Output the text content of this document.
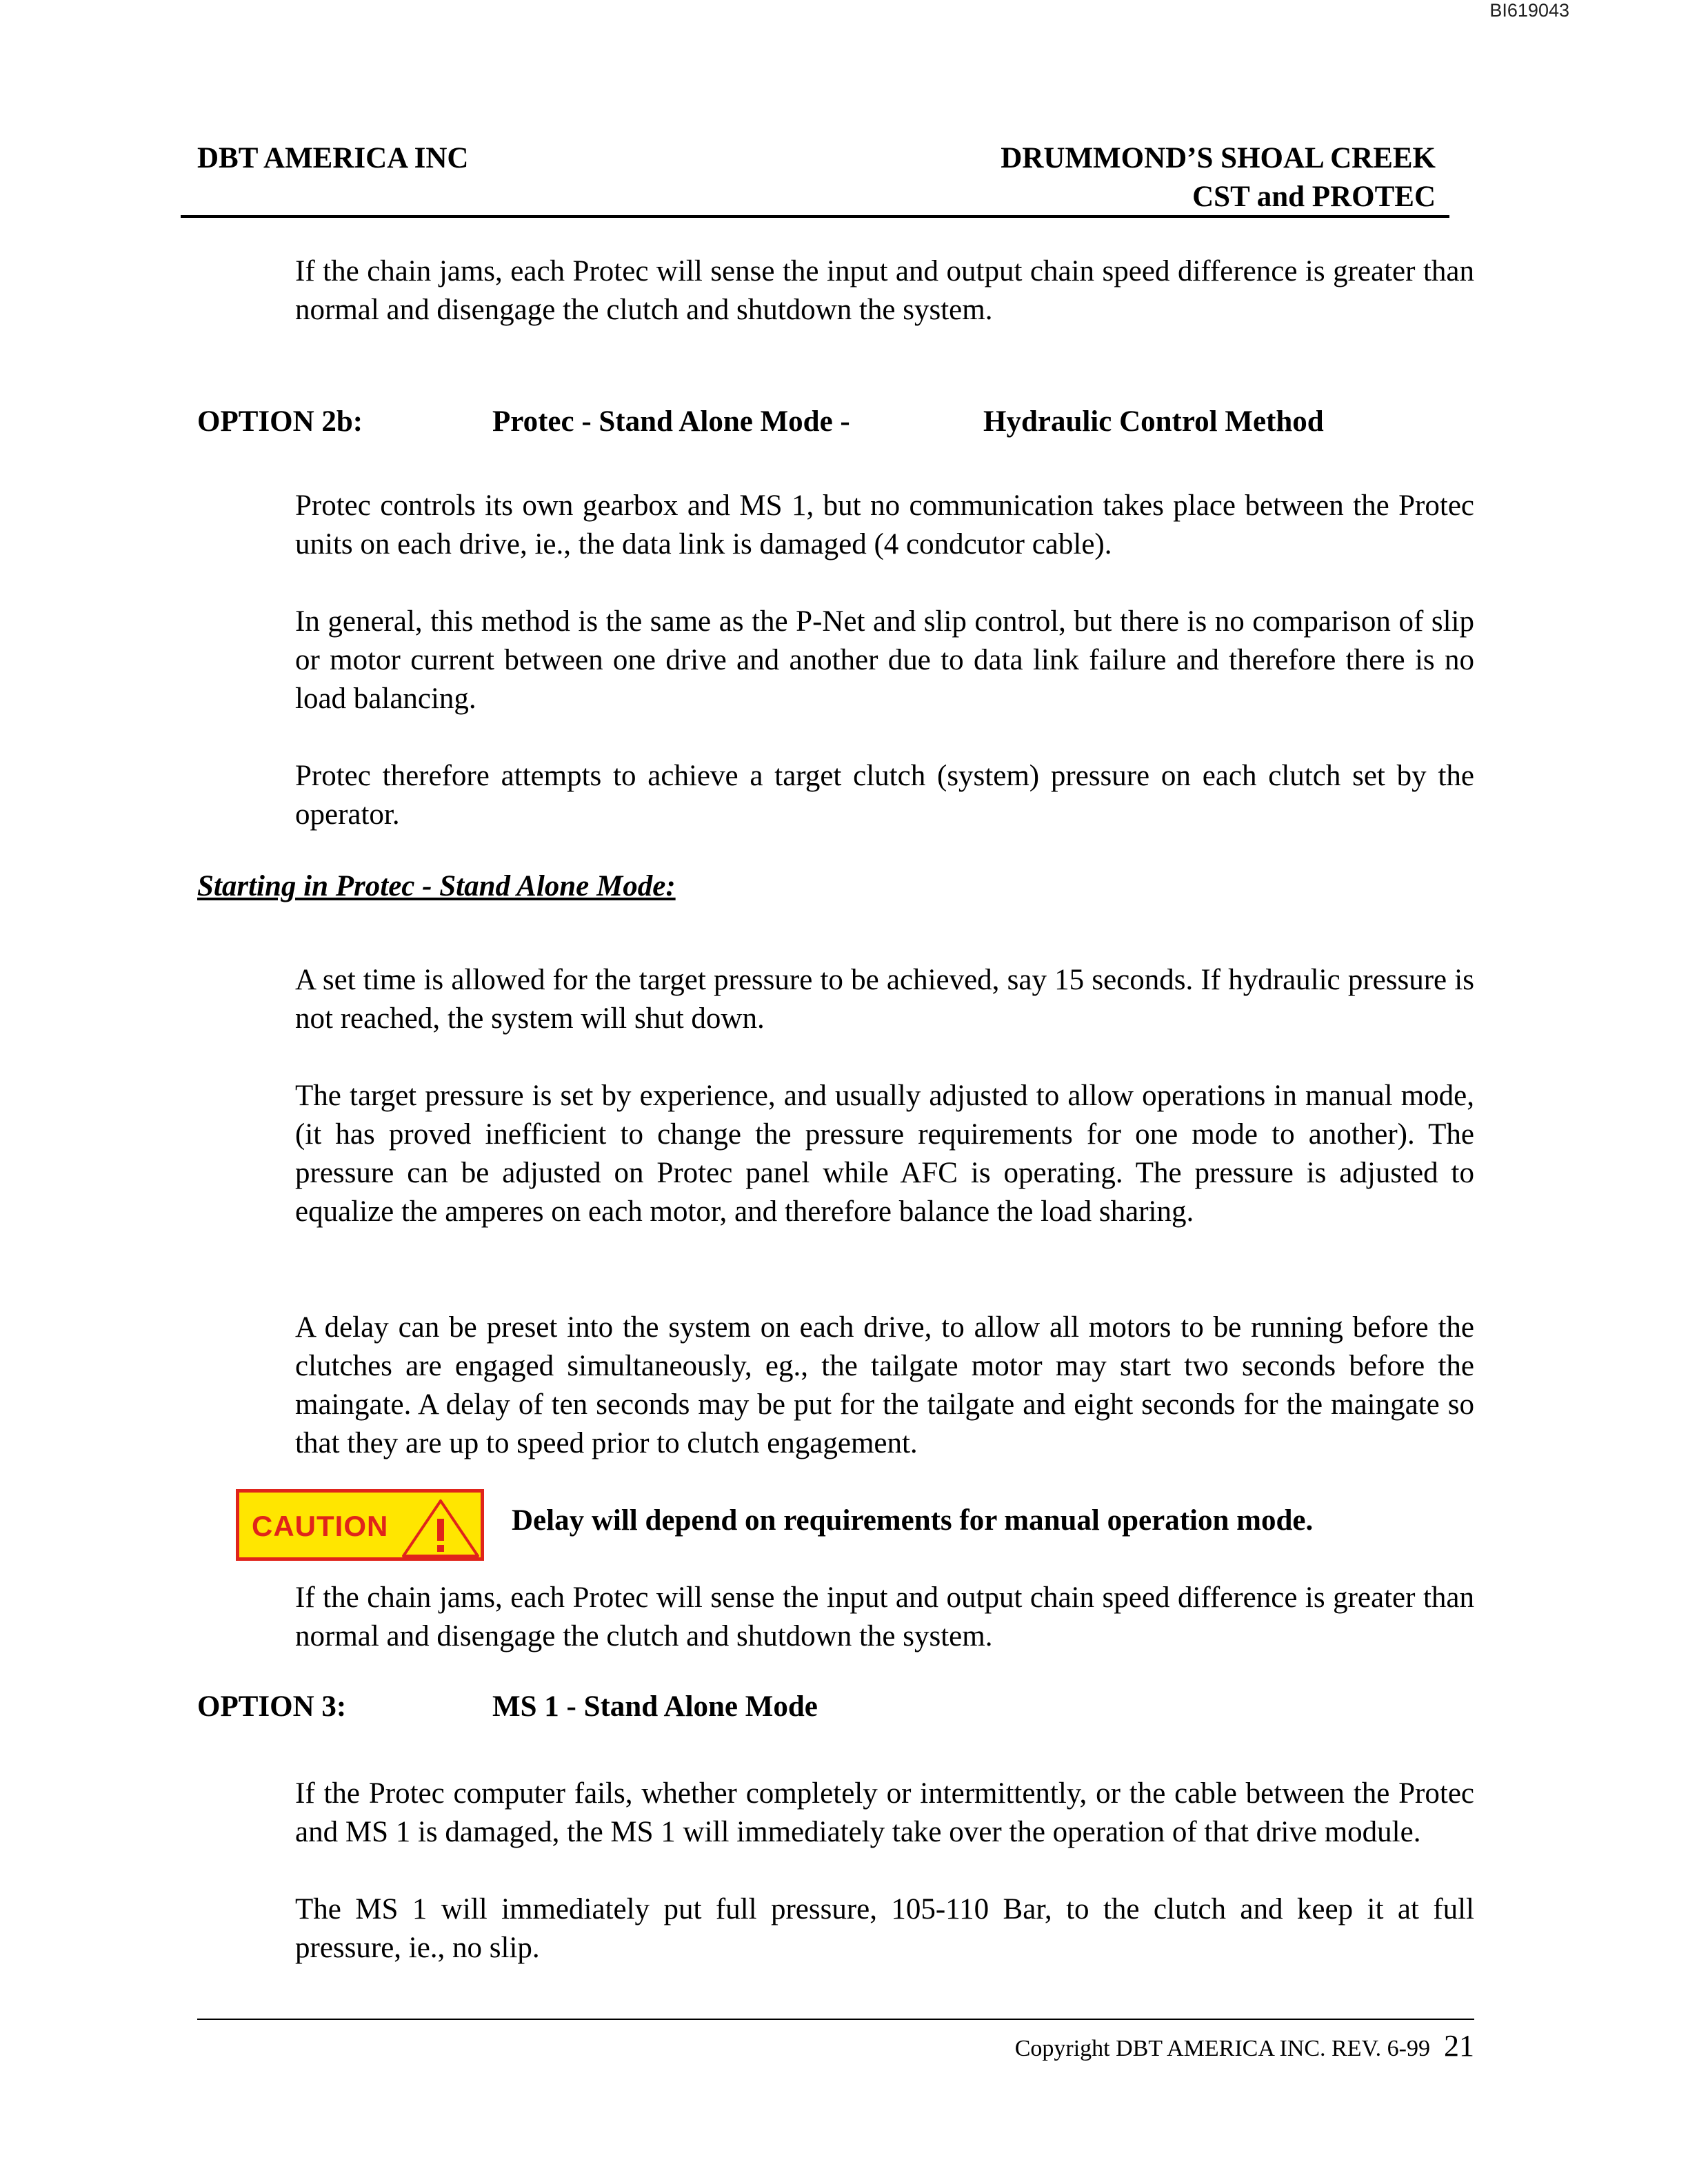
BI619043
DBT AMERICA INC	DRUMMOND’S SHOAL CREEK
CST and PROTEC

If the chain jams, each Protec will sense the input and output chain speed difference is greater than normal and disengage the clutch and shutdown the system.

OPTION 2b:	Protec - Stand Alone Mode -	Hydraulic Control Method

Protec controls its own gearbox and MS 1, but no communication takes place between the Protec units on each drive, ie., the data link is damaged (4 condcutor cable).

In general, this method is the same as the P-Net and slip control, but there is no comparison of slip or motor current between one drive and another due to data link failure and therefore there is no load balancing.

Protec therefore attempts to achieve a target clutch (system) pressure on each clutch set by the operator.

Starting in Protec - Stand Alone Mode:

A set time is allowed for the target pressure to be achieved, say 15 seconds. If hydraulic pressure is not reached, the system will shut down.

The target pressure is set by experience, and usually adjusted to allow operations in manual mode, (it has proved inefficient to change the pressure requirements for one mode to another). The pressure can be adjusted on Protec panel while AFC is operating. The pressure is adjusted to equalize the amperes on each motor, and therefore balance the load sharing.

A delay can be preset into the system on each drive, to allow all motors to be running before the clutches are engaged simultaneously, eg., the tailgate motor may start two seconds before the maingate. A delay of ten seconds may be put for the tailgate and eight seconds for the maingate so that they are up to speed prior to clutch engagement.

CAUTION	Delay will depend on requirements for manual operation mode.

If the chain jams, each Protec will sense the input and output chain speed difference is greater than normal and disengage the clutch and shutdown the system.

OPTION 3:	MS 1 - Stand Alone Mode

If the Protec computer fails, whether completely or intermittently, or the cable between the Protec and MS 1 is damaged, the MS 1 will immediately take over the operation of that drive module.

The MS 1 will immediately put full pressure, 105-110 Bar, to the clutch and keep it at full pressure, ie., no slip.

Copyright DBT AMERICA INC. REV. 6-99 21
